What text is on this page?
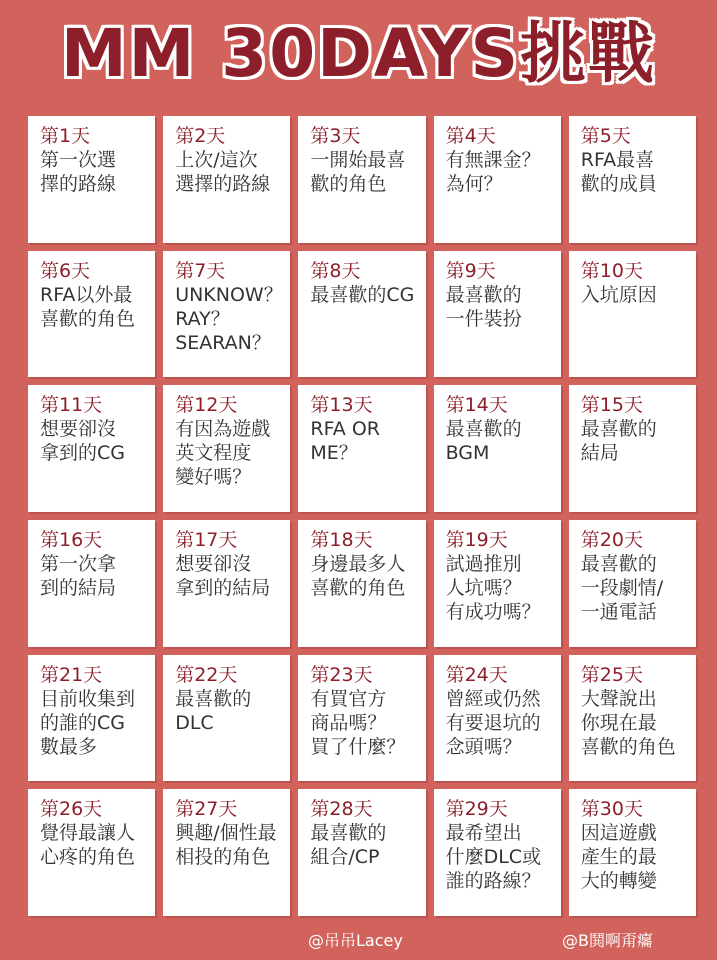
MM 30DAYS挑戰
第1天
第一次選
擇的路線
第2天
上次/這次
選擇的路線
第3天
一開始最喜
歡的角色
第4天
有無課金？
為何？
第5天
RFA最喜
歡的成員
第6天
RFA以外最
喜歡的角色
第7天
UNKNOW？
RAY？
SEARAN？
第8天
最喜歡的CG
第9天
最喜歡的
一件裝扮
第10天
入坑原因
第11天
想要卻沒
拿到的CG
第12天
有因為遊戲
英文程度
變好嗎？
第13天
RFA OR
ME？
第14天
最喜歡的
BGM
第15天
最喜歡的
結局
第16天
第一次拿
到的結局
第17天
想要卻沒
拿到的結局
第18天
身邊最多人
喜歡的角色
第19天
試過推別
人坑嗎？
有成功嗎？
第20天
最喜歡的
一段劇情/
一通電話
第21天
目前收集到
的誰的CG
數最多
第22天
最喜歡的
DLC
第23天
有買官方
商品嗎？
買了什麼？
第24天
曾經或仍然
有要退坑的
念頭嗎？
第25天
大聲說出
你現在最
喜歡的角色
第26天
覺得最讓人
心疼的角色
第27天
興趣/個性最
相投的角色
第28天
最喜歡的
組合/CP
第29天
最希望出
什麼DLC或
誰的路線？
第30天
因這遊戲
產生的最
大的轉變
@吊吊Lacey	@B鬨啊甭癟
